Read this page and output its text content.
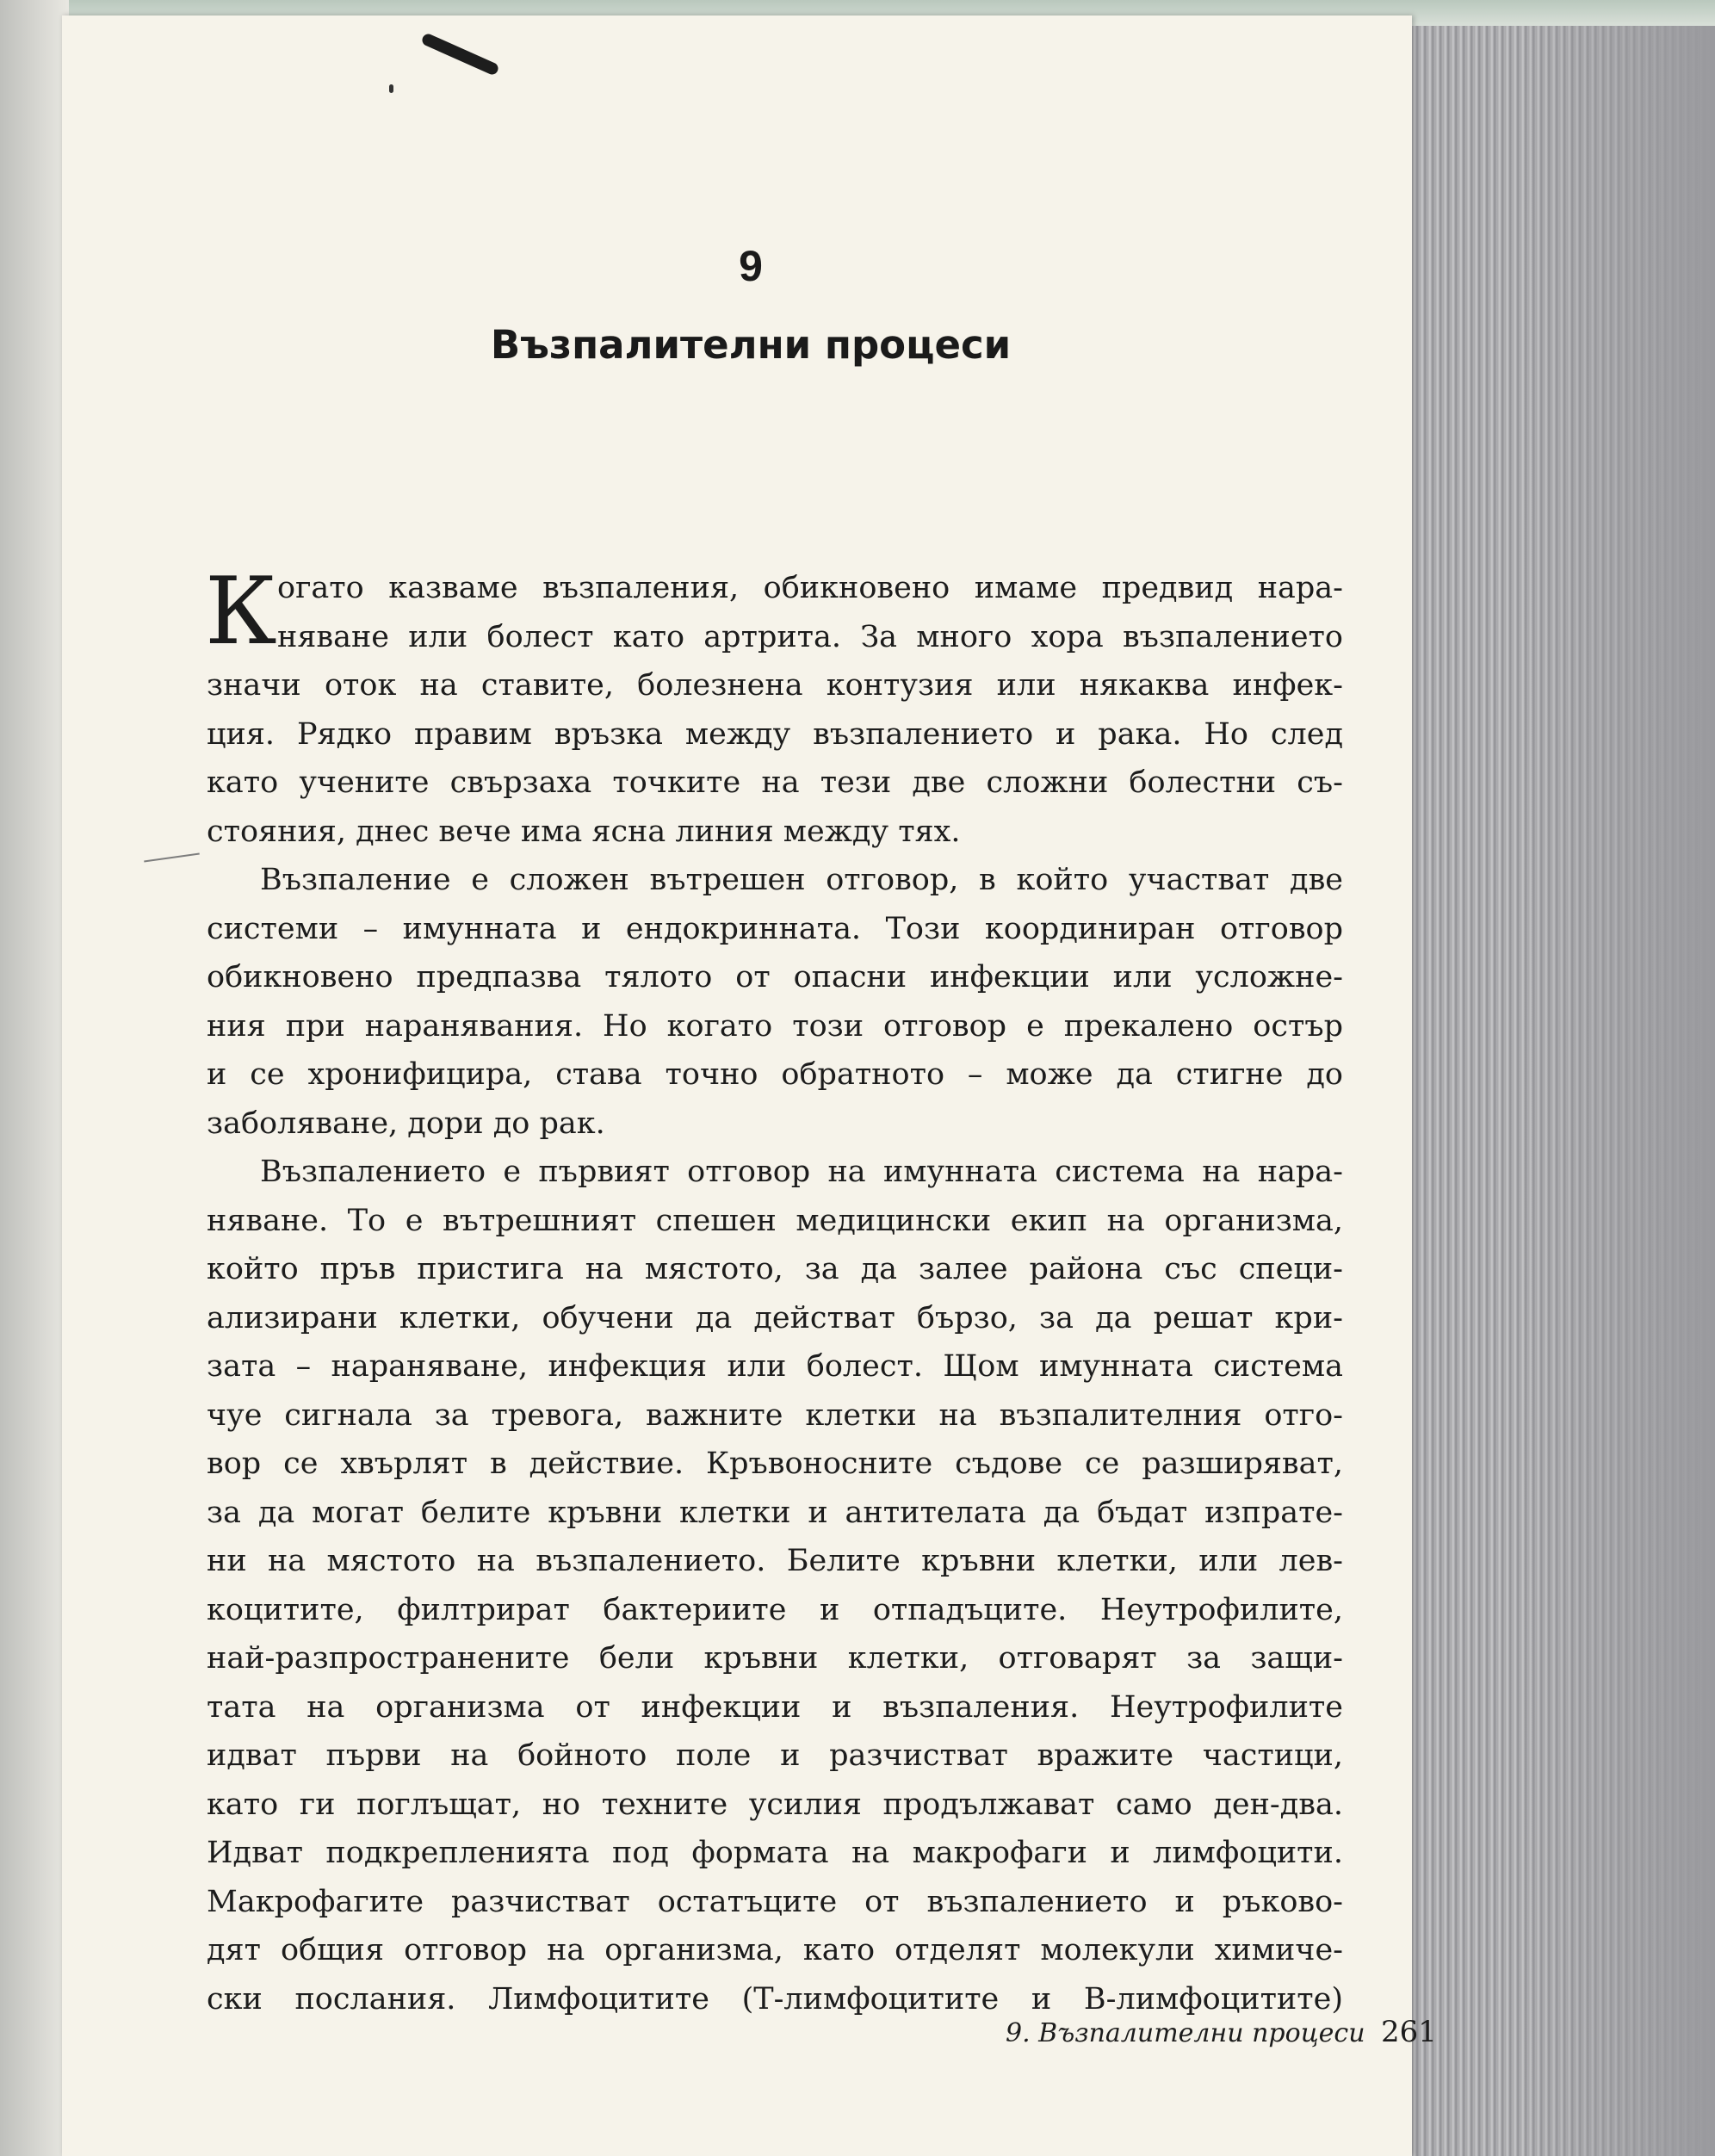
9
Възпалителни процеси
К огато казваме възпаления, обикновено имаме предвид нара-
няване или болест като артрита. За много хора възпалението
значи оток на ставите, болезнена контузия или някаква инфек-
ция. Рядко правим връзка между възпалението и рака. Но след
като учените свързаха точките на тези две сложни болестни съ-
стояния, днес вече има ясна линия между тях.
Възпаление е сложен вътрешен отговор, в който участват две
системи – имунната и ендокринната. Този координиран отговор
обикновено предпазва тялото от опасни инфекции или усложне-
ния при наранявания. Но когато този отговор е прекалено остър
и се хронифицира, става точно обратното – може да стигне до
заболяване, дори до рак.
Възпалението е първият отговор на имунната система на нара-
няване. То е вътрешният спешен медицински екип на организма,
който пръв пристига на мястото, за да залее района със специ-
ализирани клетки, обучени да действат бързо, за да решат кри-
зата – нараняване, инфекция или болест. Щом имунната система
чуе сигнала за тревога, важните клетки на възпалителния отго-
вор се хвърлят в действие. Кръвоносните съдове се разширяват,
за да могат белите кръвни клетки и антителата да бъдат изпрате-
ни на мястото на възпалението. Белите кръвни клетки, или лев-
коцитите, филтрират бактериите и отпадъците. Неутрофилите,
най-разпространените бели кръвни клетки, отговарят за защи-
тата на организма от инфекции и възпаления. Неутрофилите
идват първи на бойното поле и разчистват вражите частици,
като ги поглъщат, но техните усилия продължават само ден-два.
Идват подкрепленията под формата на макрофаги и лимфоцити.
Макрофагите разчистват остатъците от възпалението и ръково-
дят общия отговор на организма, като отделят молекули химиче-
ски послания. Лимфоцитите (Т-лимфоцитите и В-лимфоцитите)
9. Възпалителни процеси 261
